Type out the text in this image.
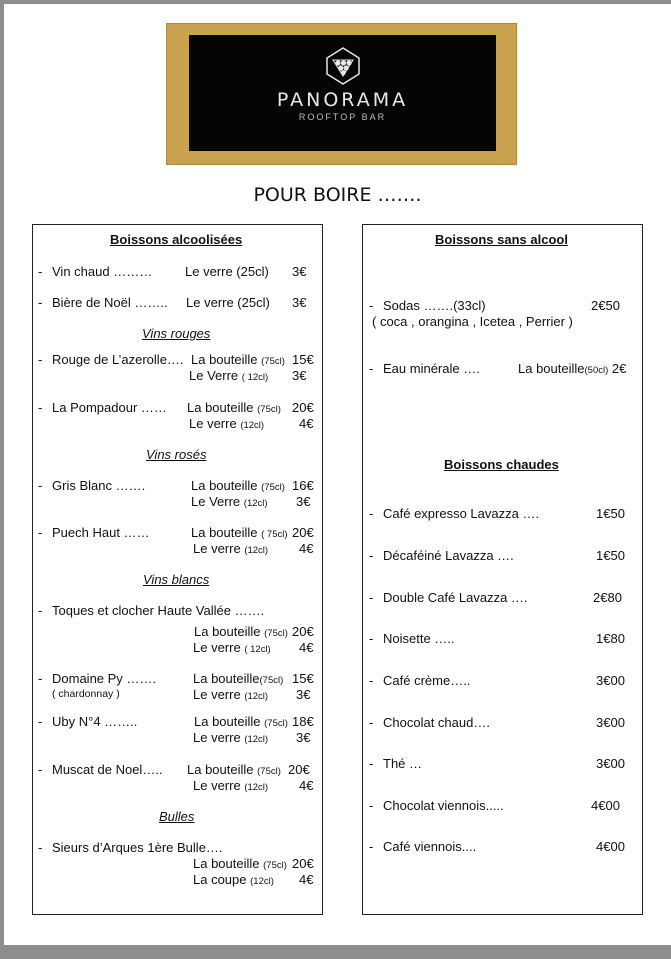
PANORAMA
ROOFTOP BAR
POUR BOIRE …….
Boissons alcoolisées
- Vin chaud ………	Le verre (25cl) 3€
- Bière de Noël …….. Le verre (25cl) 3€
Vins rouges
- Rouge de L’azerolle…. La bouteille (75cl) 15€
Le Verre ( 12cl) 3€
- La Pompadour …… La bouteille (75cl) 20€
Le verre (12cl)	4€
Vins rosés
- Gris Blanc …….	La bouteille (75cl) 16€
Le Verre (12cl) 3€
- Puech Haut ……	La bouteille ( 75cl) 20€
Le verre (12cl) 4€
Vins blancs
- Toques et clocher Haute Vallée …….
La bouteille (75cl) 20€
Le verre ( 12cl) 4€
- Domaine Py …….
( chardonnay )
La bouteille(75cl) 15€
Le verre (12cl) 3€
- Uby N°4 ……..	La bouteille (75cl) 18€
Le verre (12cl) 3€
- Muscat de Noel….. La bouteille (75cl) 20€
Le verre (12cl) 4€
Bulles
- Sieurs d’Arques 1ère Bulle….
La bouteille (75cl) 20€
La coupe (12cl) 4€
Boissons sans alcool
- Sodas …….(33cl)	2€50
( coca , orangina , Icetea , Perrier )
- Eau minérale ….	La bouteille(50cl) 2€
Boissons chaudes
- Café expresso Lavazza ….	1€50
- Décaféiné Lavazza ….	1€50
- Double Café Lavazza ….	2€80
- Noisette …..	1€80
- Café crème…..	3€00
- Chocolat chaud….	3€00
- Thé …	3€00
- Chocolat viennois.....	4€00
- Café viennois....	4€00
